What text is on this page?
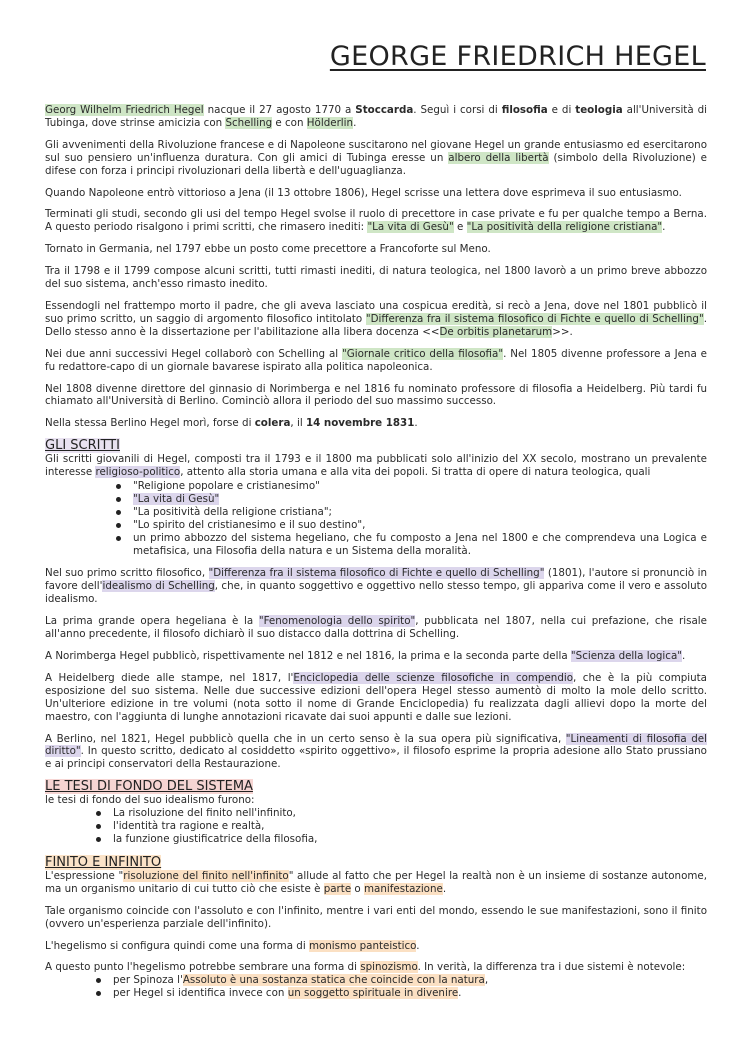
GEORGE FRIEDRICH HEGEL

Georg Wilhelm Friedrich Hegel nacque il 27 agosto 1770 a Stoccarda. Seguì i corsi di filosofia e di teologia all'Università di Tubinga, dove strinse amicizia con Schelling e con Hölderlin.

Gli avvenimenti della Rivoluzione francese e di Napoleone suscitarono nel giovane Hegel un grande entusiasmo ed esercitarono sul suo pensiero un'influenza duratura. Con gli amici di Tubinga eresse un albero della libertà (simbolo della Rivoluzione) e difese con forza i principi rivoluzionari della libertà e dell'uguaglianza.

Quando Napoleone entrò vittorioso a Jena (il 13 ottobre 1806), Hegel scrisse una lettera dove esprimeva il suo entusiasmo.

Terminati gli studi, secondo gli usi del tempo Hegel svolse il ruolo di precettore in case private e fu per qualche tempo a Berna. A questo periodo risalgono i primi scritti, che rimasero inediti: "La vita di Gesù" e "La positività della religione cristiana".

Tornato in Germania, nel 1797 ebbe un posto come precettore a Francoforte sul Meno.

Tra il 1798 e il 1799 compose alcuni scritti, tutti rimasti inediti, di natura teologica, nel 1800 lavorò a un primo breve abbozzo del suo sistema, anch'esso rimasto inedito.

Essendogli nel frattempo morto il padre, che gli aveva lasciato una cospicua eredità, si recò a Jena, dove nel 1801 pubblicò il suo primo scritto, un saggio di argomento filosofico intitolato "Differenza fra il sistema filosofico di Fichte e quello di Schelling". Dello stesso anno è la dissertazione per l'abilitazione alla libera docenza <<De orbitis planetarum>>.

Nei due anni successivi Hegel collaborò con Schelling al "Giornale critico della filosofia". Nel 1805 divenne professore a Jena e fu redattore-capo di un giornale bavarese ispirato alla politica napoleonica.

Nel 1808 divenne direttore del ginnasio di Norimberga e nel 1816 fu nominato professore di filosofia a Heidelberg. Più tardi fu chiamato all'Università di Berlino. Cominciò allora il periodo del suo massimo successo.

Nella stessa Berlino Hegel morì, forse di colera, il 14 novembre 1831.

GLI SCRITTI

Gli scritti giovanili di Hegel, composti tra il 1793 e il 1800 ma pubblicati solo all'inizio del XX secolo, mostrano un prevalente interesse religioso-politico, attento alla storia umana e alla vita dei popoli. Si tratta di opere di natura teologica, quali

"Religione popolare e cristianesimo"
"La vita di Gesù"
"La positività della religione cristiana";
"Lo spirito del cristianesimo e il suo destino",
un primo abbozzo del sistema hegeliano, che fu composto a Jena nel 1800 e che comprendeva una Logica e metafisica, una Filosofia della natura e un Sistema della moralità.

Nel suo primo scritto filosofico, "Differenza fra il sistema filosofico di Fichte e quello di Schelling" (1801), l'autore si pronunciò in favore dell'idealismo di Schelling, che, in quanto soggettivo e oggettivo nello stesso tempo, gli appariva come il vero e assoluto idealismo.

La prima grande opera hegeliana è la "Fenomenologia dello spirito", pubblicata nel 1807, nella cui prefazione, che risale all'anno precedente, il filosofo dichiarò il suo distacco dalla dottrina di Schelling.

A Norimberga Hegel pubblicò, rispettivamente nel 1812 e nel 1816, la prima e la seconda parte della "Scienza della logica".

A Heidelberg diede alle stampe, nel 1817, l'Enciclopedia delle scienze filosofiche in compendio, che è la più compiuta esposizione del suo sistema. Nelle due successive edizioni dell'opera Hegel stesso aumentò di molto la mole dello scritto. Un'ulteriore edizione in tre volumi (nota sotto il nome di Grande Enciclopedia) fu realizzata dagli allievi dopo la morte del maestro, con l'aggiunta di lunghe annotazioni ricavate dai suoi appunti e dalle sue lezioni.

A Berlino, nel 1821, Hegel pubblicò quella che in un certo senso è la sua opera più significativa, "Lineamenti di filosofia del diritto". In questo scritto, dedicato al cosiddetto «spirito oggettivo», il filosofo esprime la propria adesione allo Stato prussiano e ai principi conservatori della Restaurazione.

LE TESI DI FONDO DEL SISTEMA

le tesi di fondo del suo idealismo furono:

La risoluzione del finito nell'infinito,
l'identità tra ragione e realtà,
la funzione giustificatrice della filosofia,
FINITO E INFINITO

L'espressione "risoluzione del finito nell'infinito" allude al fatto che per Hegel la realtà non è un insieme di sostanze autonome, ma un organismo unitario di cui tutto ciò che esiste è parte o manifestazione.

Tale organismo coincide con l'assoluto e con l'infinito, mentre i vari enti del mondo, essendo le sue manifestazioni, sono il finito (ovvero un'esperienza parziale dell'infinito).

L'hegelismo si configura quindi come una forma di monismo panteistico.

A questo punto l'hegelismo potrebbe sembrare una forma di spinozismo. In verità, la differenza tra i due sistemi è notevole:

per Spinoza l'Assoluto è una sostanza statica che coincide con la natura,
per Hegel si identifica invece con un soggetto spirituale in divenire.
